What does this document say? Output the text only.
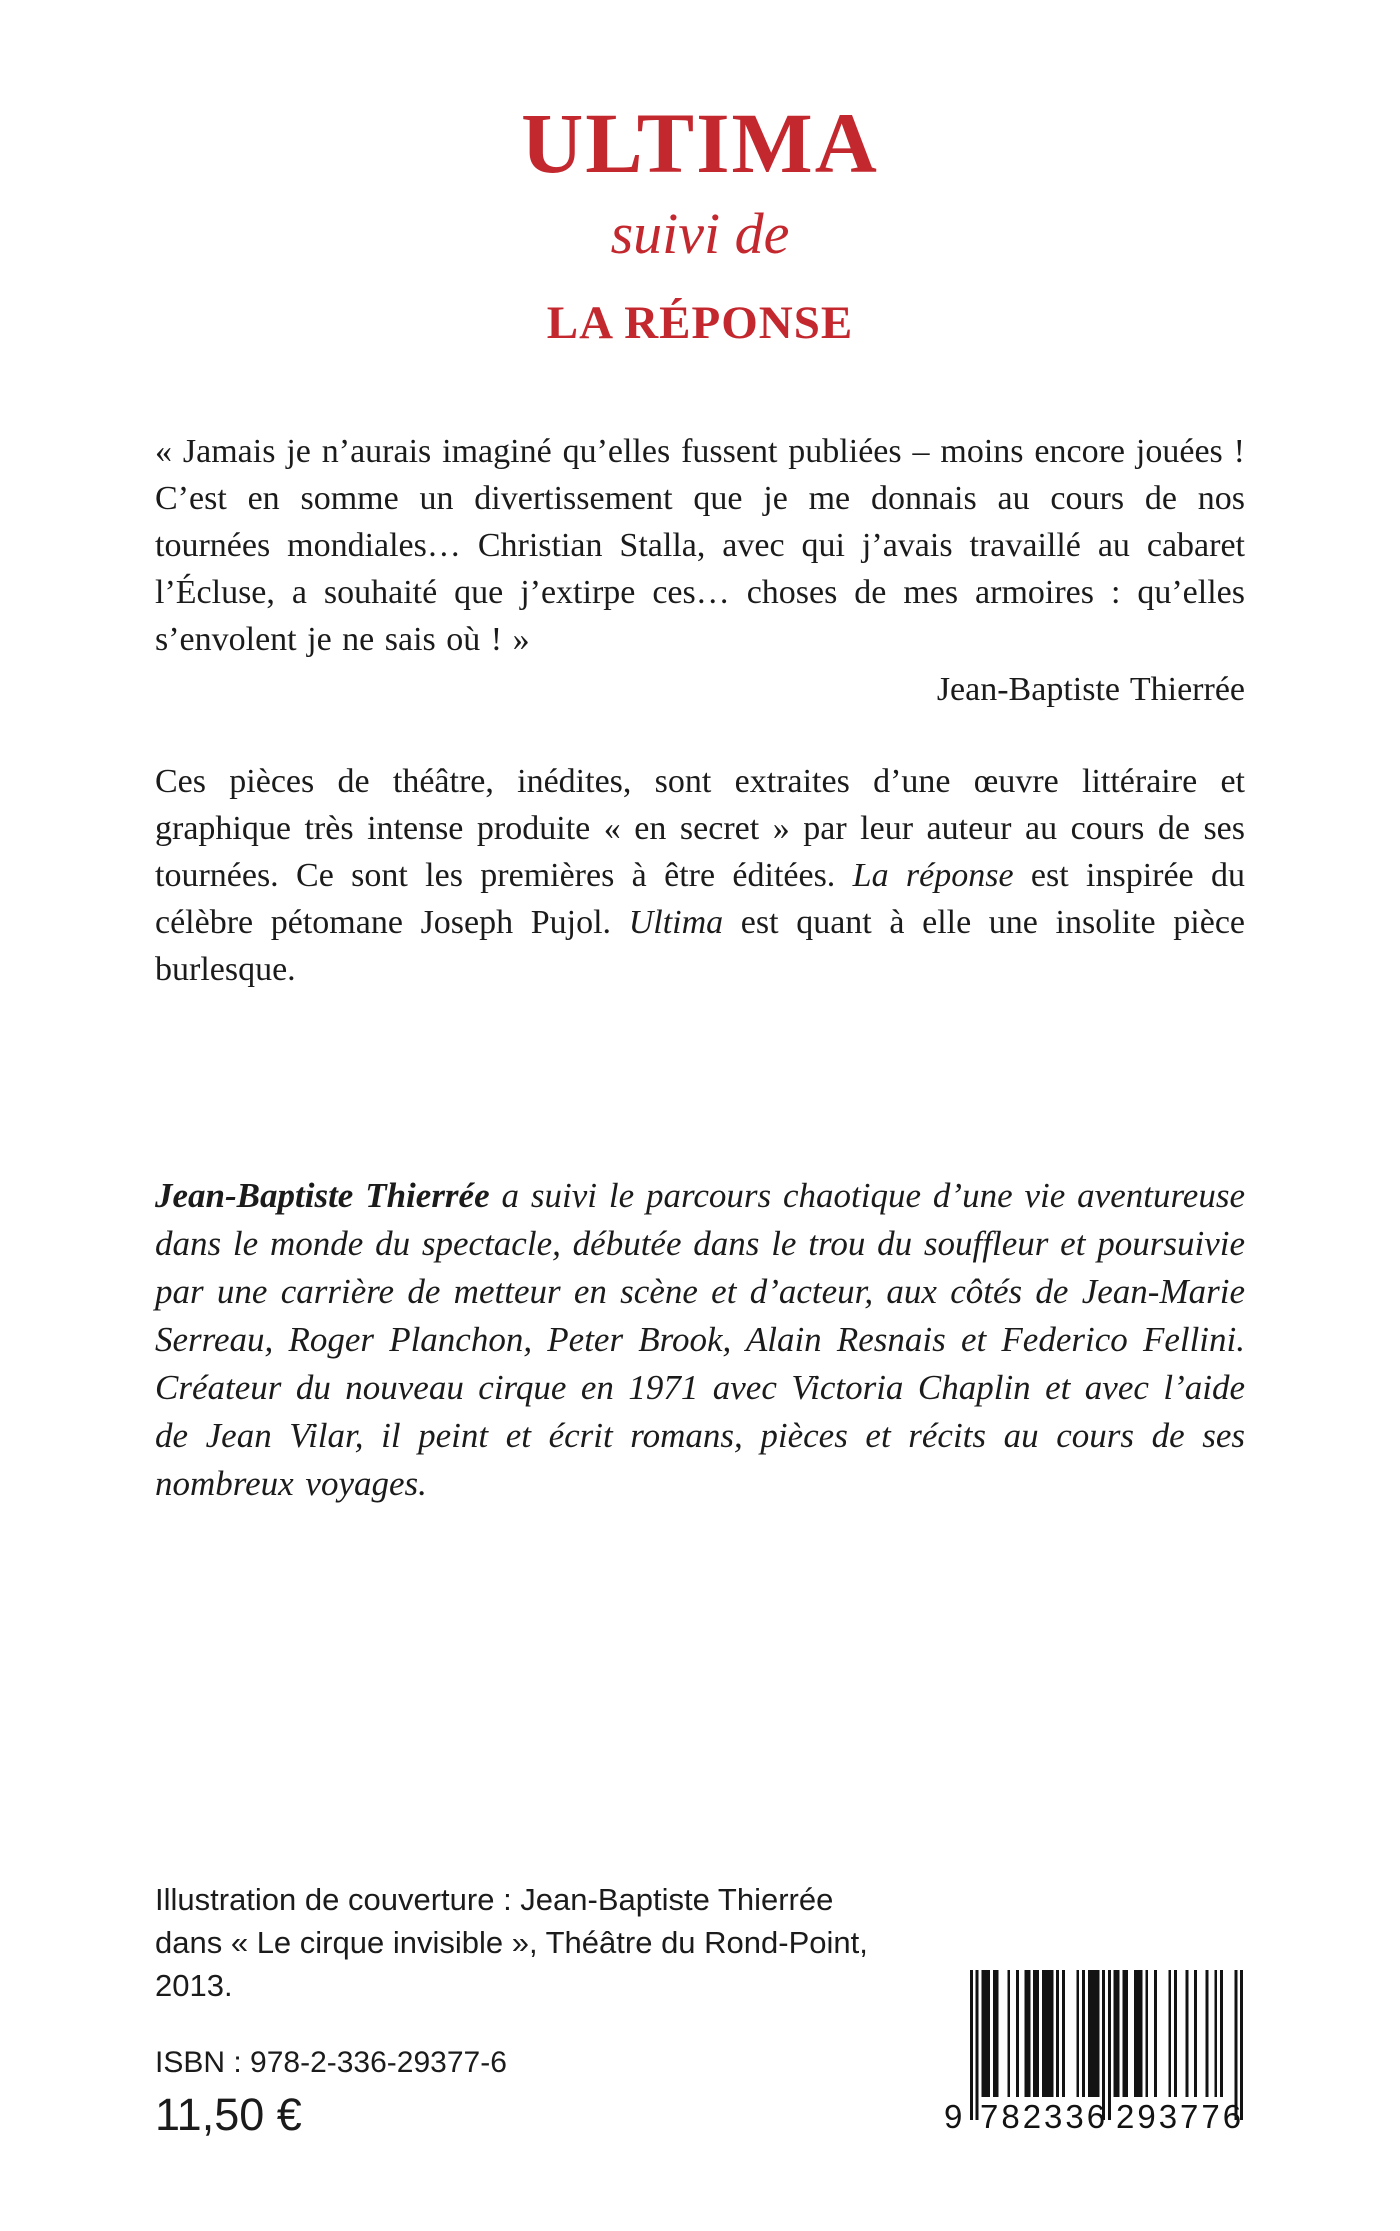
ULTIMA
suivi de
LA RÉPONSE

« Jamais je n’aurais imaginé qu’elles fussent publiées – moins encore jouées ! C’est en somme un divertissement que je me donnais au cours de nos tournées mondiales… Christian Stalla, avec qui j’avais travaillé au cabaret l’Écluse, a souhaité que j’extirpe ces… choses de mes armoires : qu’elles s’envolent je ne sais où ! »

Jean-Baptiste Thierrée

Ces pièces de théâtre, inédites, sont extraites d’une œuvre littéraire et graphique très intense produite « en secret » par leur auteur au cours de ses tournées. Ce sont les premières à être éditées. La réponse est inspirée du célèbre pétomane Joseph Pujol. Ultima est quant à elle une insolite pièce burlesque.

Jean-Baptiste Thierrée a suivi le parcours chaotique d’une vie aventureuse dans le monde du spectacle, débutée dans le trou du souffleur et poursuivie par une carrière de metteur en scène et d’acteur, aux côtés de Jean-Marie Serreau, Roger Planchon, Peter Brook, Alain Resnais et Federico Fellini. Créateur du nouveau cirque en 1971 avec Victoria Chaplin et avec l’aide de Jean Vilar, il peint et écrit romans, pièces et récits au cours de ses nombreux voyages.

Illustration de couverture : Jean-Baptiste Thierrée
dans « Le cirque invisible », Théâtre du Rond-Point,
2013.
ISBN : 978-2-336-29377-6
11,50 €	9 782336 293776
